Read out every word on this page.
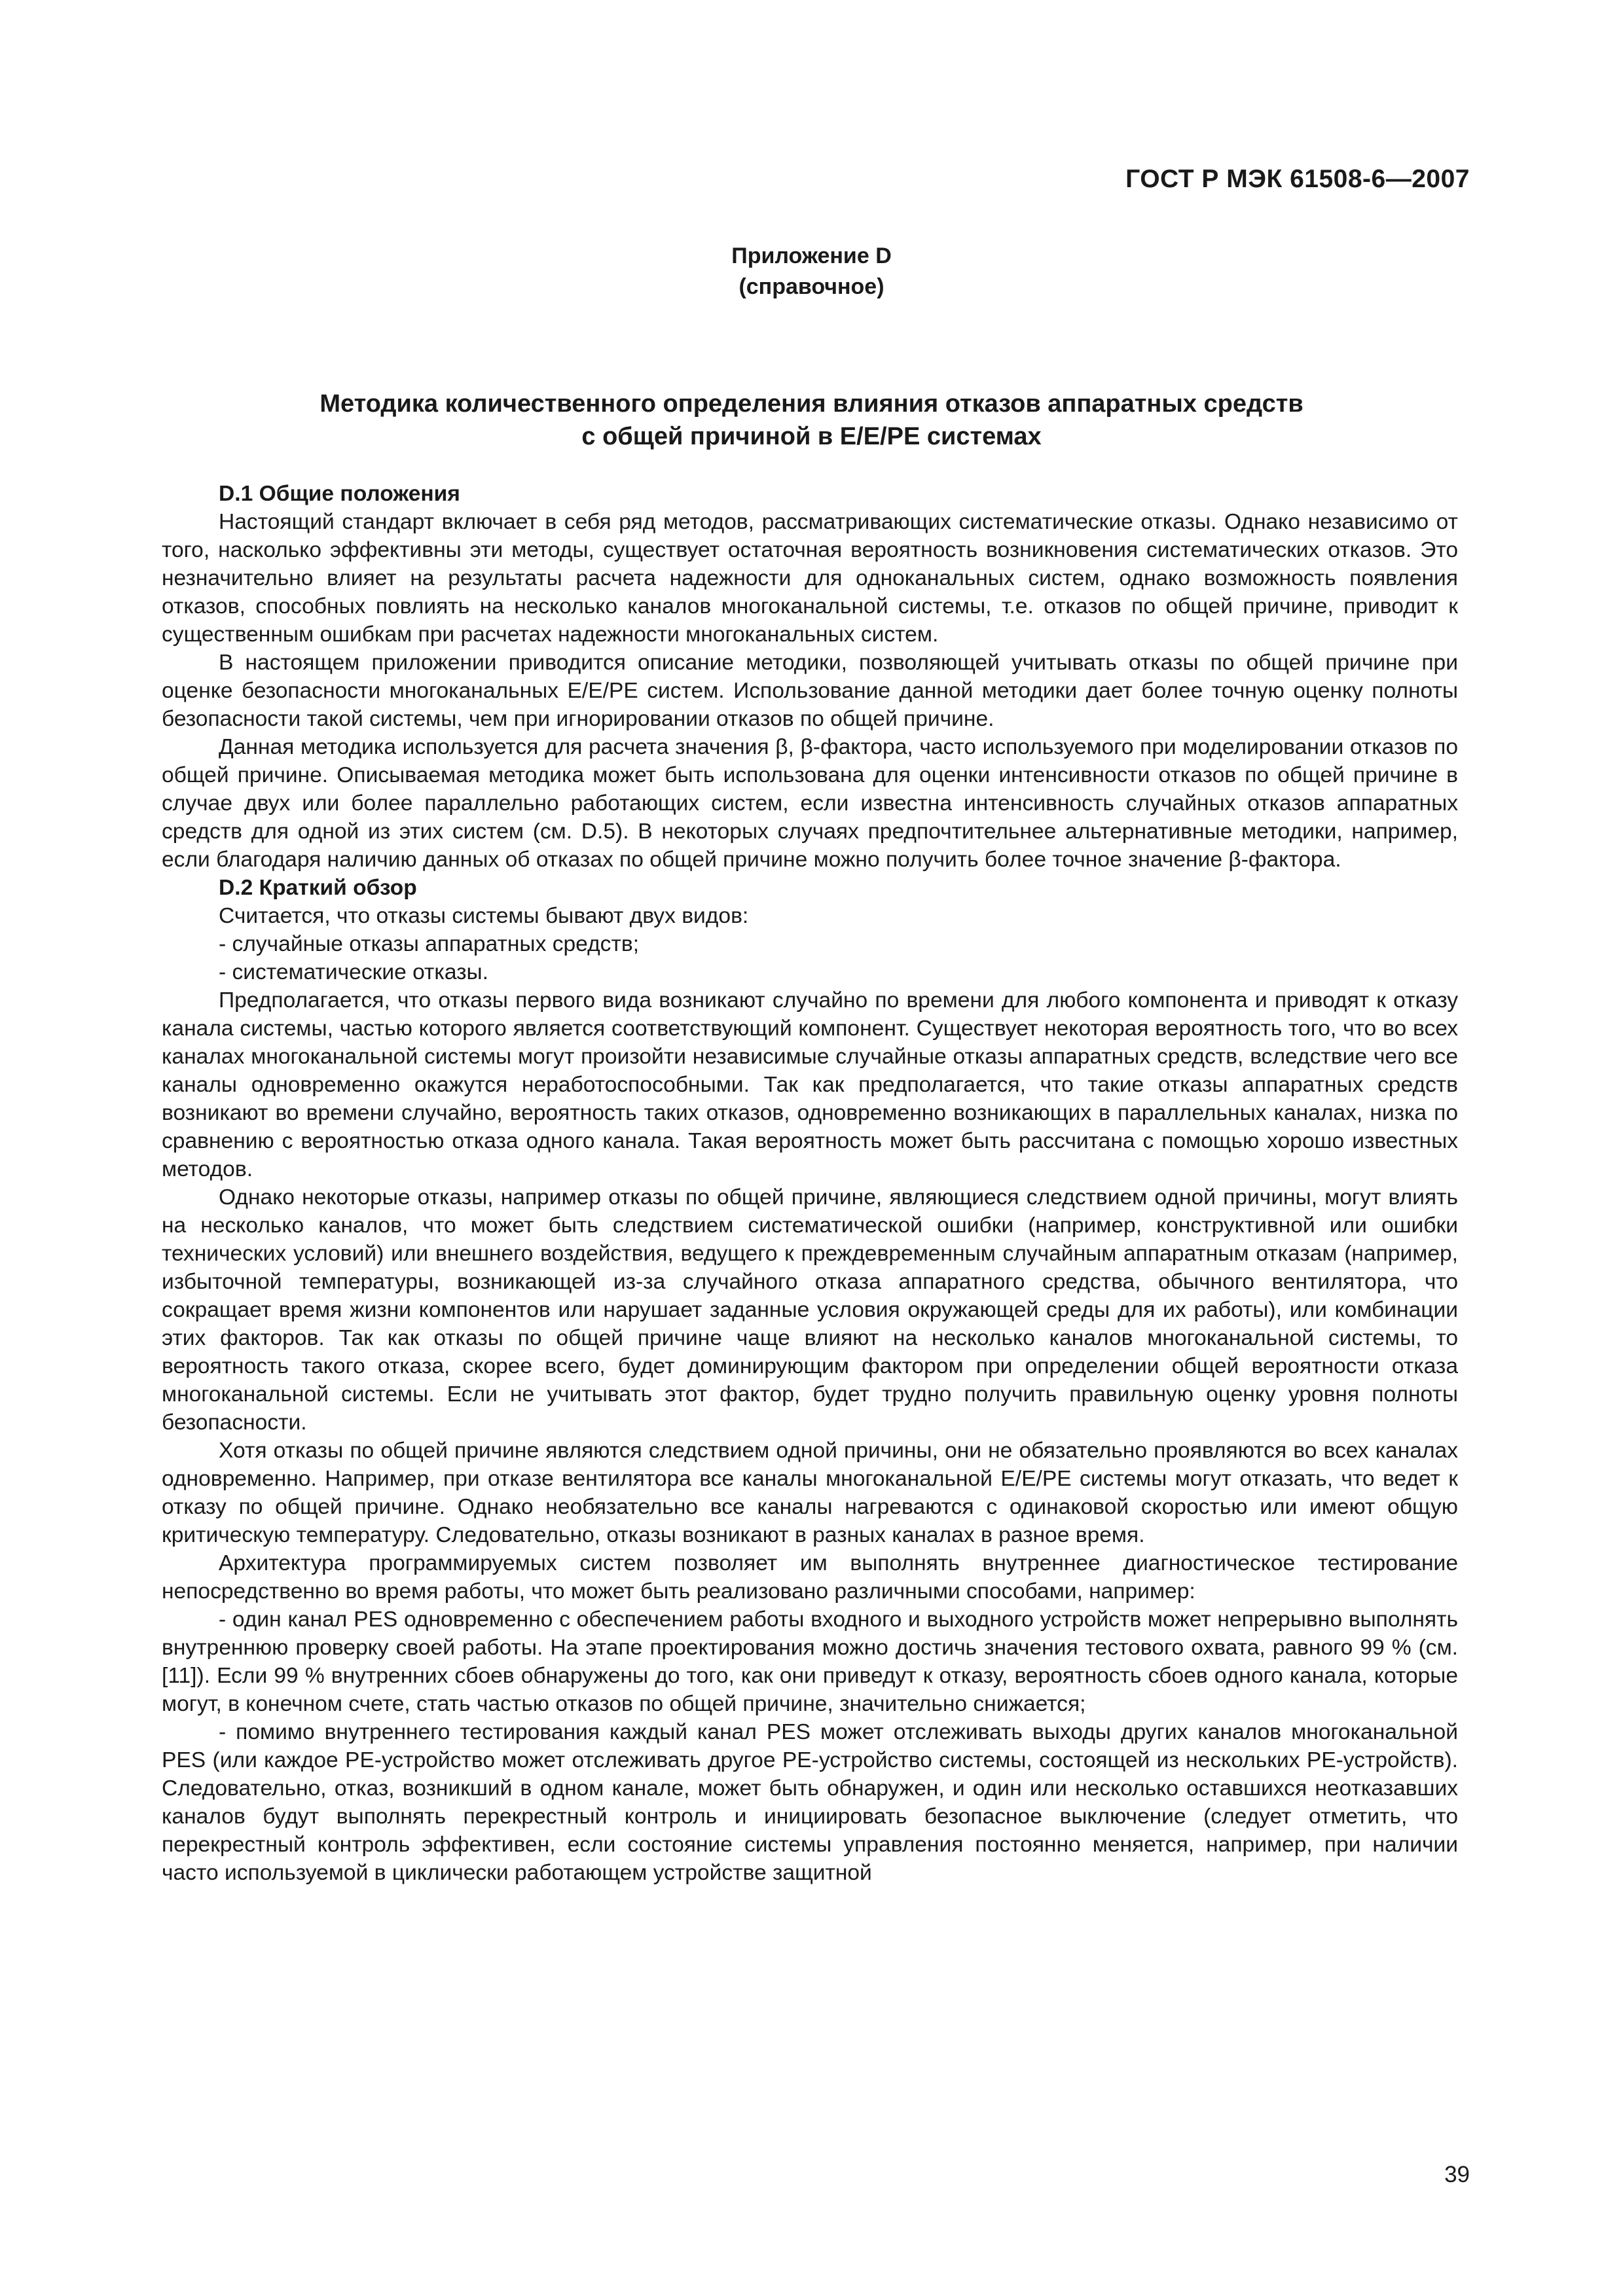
ГОСТ Р МЭК 61508-6—2007
Приложение D
(справочное)
Методика количественного определения влияния отказов аппаратных средств
с общей причиной в Е/Е/РЕ системах

D.1 Общие положения

Настоящий стандарт включает в себя ряд методов, рассматривающих систематические отказы. Однако независимо от того, насколько эффективны эти методы, существует остаточная вероятность возникновения систематических отказов. Это незначительно влияет на результаты расчета надежности для одноканальных систем, однако возможность появления отказов, способных повлиять на несколько каналов многоканальной системы, т.е. отказов по общей причине, приводит к существенным ошибкам при расчетах надежности многоканальных систем.

В настоящем приложении приводится описание методики, позволяющей учитывать отказы по общей причине при оценке безопасности многоканальных Е/Е/РЕ систем. Использование данной методики дает более точную оценку полноты безопасности такой системы, чем при игнорировании отказов по общей причине.

Данная методика используется для расчета значения β, β-фактора, часто используемого при моделировании отказов по общей причине. Описываемая методика может быть использована для оценки интенсивности отказов по общей причине в случае двух или более параллельно работающих систем, если известна интенсивность случайных отказов аппаратных средств для одной из этих систем (см. D.5). В некоторых случаях предпочтительнее альтернативные методики, например, если благодаря наличию данных об отказах по общей причине можно получить более точное значение β-фактора.

D.2 Краткий обзор

Считается, что отказы системы бывают двух видов:

- случайные отказы аппаратных средств;

- систематические отказы.

Предполагается, что отказы первого вида возникают случайно по времени для любого компонента и приводят к отказу канала системы, частью которого является соответствующий компонент. Существует некоторая вероятность того, что во всех каналах многоканальной системы могут произойти независимые случайные отказы аппаратных средств, вследствие чего все каналы одновременно окажутся неработоспособными. Так как предполагается, что такие отказы аппаратных средств возникают во времени случайно, вероятность таких отказов, одновременно возникающих в параллельных каналах, низка по сравнению с вероятностью отказа одного канала. Такая вероятность может быть рассчитана с помощью хорошо известных методов.

Однако некоторые отказы, например отказы по общей причине, являющиеся следствием одной причины, могут влиять на несколько каналов, что может быть следствием систематической ошибки (например, конструктивной или ошибки технических условий) или внешнего воздействия, ведущего к преждевременным случайным аппаратным отказам (например, избыточной температуры, возникающей из-за случайного отказа аппаратного средства, обычного вентилятора, что сокращает время жизни компонентов или нарушает заданные условия окружающей среды для их работы), или комбинации этих факторов. Так как отказы по общей причине чаще влияют на несколько каналов многоканальной системы, то вероятность такого отказа, скорее всего, будет доминирующим фактором при определении общей вероятности отказа многоканальной системы. Если не учитывать этот фактор, будет трудно получить правильную оценку уровня полноты безопасности.

Хотя отказы по общей причине являются следствием одной причины, они не обязательно проявляются во всех каналах одновременно. Например, при отказе вентилятора все каналы многоканальной Е/Е/РЕ системы могут отказать, что ведет к отказу по общей причине. Однако необязательно все каналы нагреваются с одинаковой скоростью или имеют общую критическую температуру. Следовательно, отказы возникают в разных каналах в разное время.

Архитектура программируемых систем позволяет им выполнять внутреннее диагностическое тестирование непосредственно во время работы, что может быть реализовано различными способами, например:

- один канал PES одновременно с обеспечением работы входного и выходного устройств может непрерывно выполнять внутреннюю проверку своей работы. На этапе проектирования можно достичь значения тестового охвата, равного 99 % (см. [11]). Если 99 % внутренних сбоев обнаружены до того, как они приведут к отказу, вероятность сбоев одного канала, которые могут, в конечном счете, стать частью отказов по общей причине, значительно снижается;

- помимо внутреннего тестирования каждый канал PES может отслеживать выходы других каналов многоканальной PES (или каждое РЕ-устройство может отслеживать другое РЕ-устройство системы, состоящей из нескольких РЕ-устройств). Следовательно, отказ, возникший в одном канале, может быть обнаружен, и один или несколько оставшихся неотказавших каналов будут выполнять перекрестный контроль и инициировать безопасное выключение (следует отметить, что перекрестный контроль эффективен, если состояние системы управления постоянно меняется, например, при наличии часто используемой в циклически работающем устройстве защитной

39
